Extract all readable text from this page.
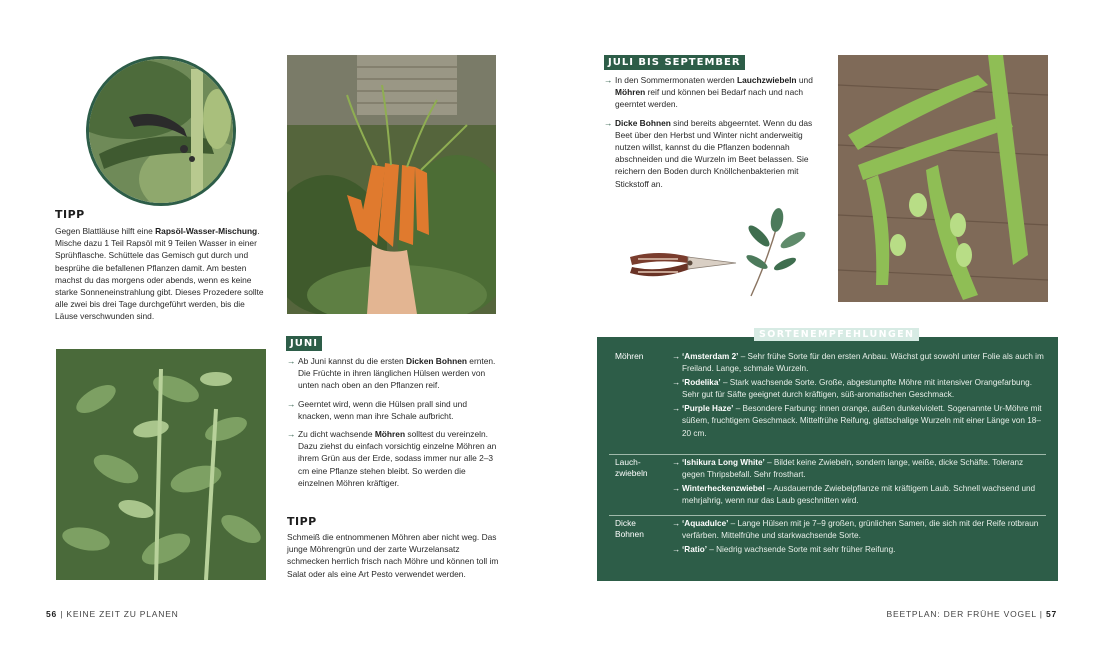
TIPP
Gegen Blattläuse hilft eine Rapsöl-Wasser-Mischung. Mische dazu 1 Teil Rapsöl mit 9 Teilen Wasser in einer Sprühflasche. Schüttele das Gemisch gut durch und besprühe die befallenen Pflanzen damit. Am besten machst du das morgens oder abends, wenn es keine starke Sonneneinstrahlung gibt. Dieses Prozedere sollte alle zwei bis drei Tage durchgeführt werden, bis die Läuse verschwunden sind.
JUNI
→ Ab Juni kannst du die ersten Dicken Bohnen ernten. Die Früchte in ihren länglichen Hülsen werden von unten nach oben an den Pflanzen reif.
→ Geerntet wird, wenn die Hülsen prall sind und knacken, wenn man ihre Schale aufbricht.
→ Zu dicht wachsende Möhren solltest du vereinzeln. Dazu ziehst du einfach vorsichtig einzelne Möhren an ihrem Grün aus der Erde, sodass immer nur alle 2–3 cm eine Pflanze stehen bleibt. So werden die einzelnen Möhren kräftiger.
TIPP
Schmeiß die entnommenen Möhren aber nicht weg. Das junge Möhrengrün und der zarte Wurzelansatz schmecken herrlich frisch nach Möhre und können toll im Salat oder als eine Art Pesto verwendet werden.
56 | KEINE ZEIT ZU PLANEN
JULI BIS SEPTEMBER
→ In den Sommermonaten werden Lauchzwiebeln und Möhren reif und können bei Bedarf nach und nach geerntet werden.
→ Dicke Bohnen sind bereits abgeerntet. Wenn du das Beet über den Herbst und Winter nicht anderweitig nutzen willst, kannst du die Pflanzen bodennah abschneiden und die Wurzeln im Beet belassen. Sie reichern den Boden durch Knöllchenbakterien mit Stickstoff an.
Möhren	→ ‘Amsterdam 2’ – Sehr frühe Sorte für den ersten Anbau. Wächst gut sowohl unter Folie als auch im Freiland. Lange, schmale Wurzeln.
→ ‘Rodelika’ – Stark wachsende Sorte. Große, abgestumpfte Möhre mit intensiver Orangefarbung. Sehr gut für Säfte geeignet durch kräftigen, süß-aromatischen Geschmack.
→ ‘Purple Haze’ – Besondere Farbung: innen orange, außen dunkelviolett. Sogenannte Ur-Möhre mit süßem, fruchtigem Geschmack. Mittelfrühe Reifung, glattschalige Wurzeln mit einer Länge von 18–20 cm.
Lauch-
zwiebeln
→ ‘Ishikura Long White’ – Bildet keine Zwiebeln, sondern lange, weiße, dicke Schäfte. Toleranz gegen Thripsbefall. Sehr frosthart.
→ Winterheckenzwiebel – Ausdauernde Zwiebelpflanze mit kräftigem Laub. Schnell wachsend und mehrjahrig, wenn nur das Laub geschnitten wird.
Dicke
Bohnen
→ ‘Aquadulce’ – Lange Hülsen mit je 7–9 großen, grünlichen Samen, die sich mit der Reife rotbraun verfärben. Mittelfrühe und starkwachsende Sorte.
→ ‘Ratio’ – Niedrig wachsende Sorte mit sehr früher Reifung.
SORTENEMPFEHLUNGEN
BEETPLAN: DER FRÜHE VOGEL | 57
